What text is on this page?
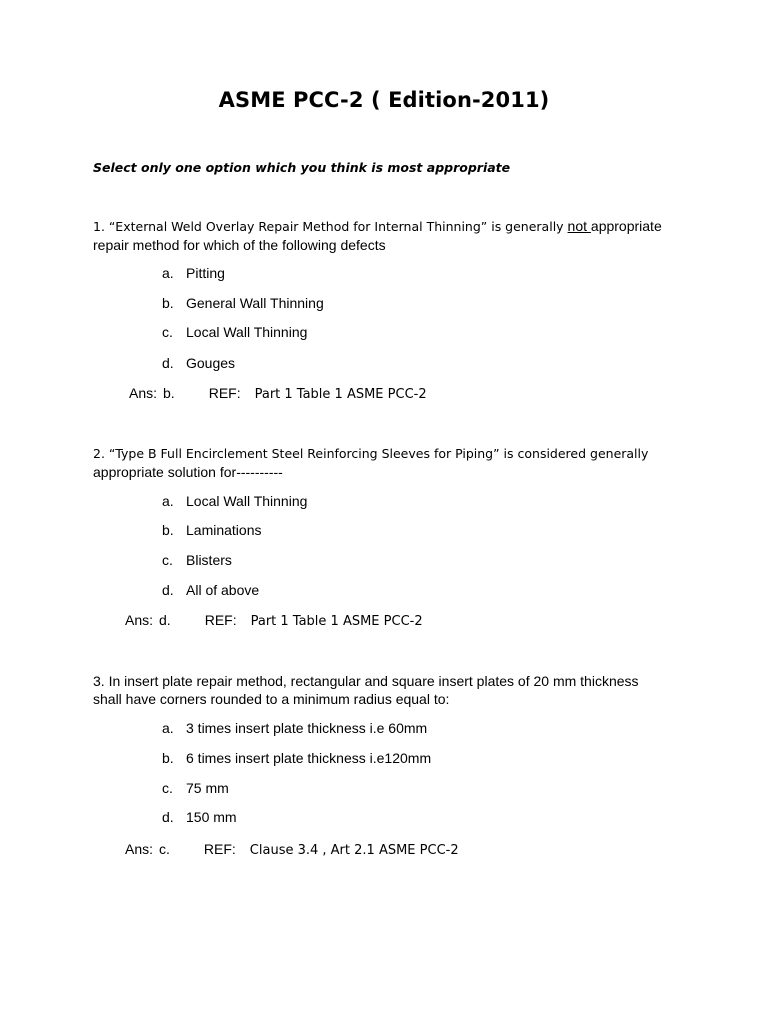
ASME PCC-2 ( Edition-2011)
Select only one option which you think is most appropriate
1. “External Weld Overlay Repair Method for Internal Thinning” is generally not appropriate
repair method for which of the following defects
a. Pitting
b. General Wall Thinning
c. Local Wall Thinning
d. Gouges
Ans: b. REF: Part 1 Table 1 ASME PCC-2
2. “Type B Full Encirclement Steel Reinforcing Sleeves for Piping” is considered generally
appropriate solution for----------
a. Local Wall Thinning
b. Laminations
c. Blisters
d. All of above
Ans: d. REF: Part 1 Table 1 ASME PCC-2
3. In insert plate repair method, rectangular and square insert plates of 20 mm thickness
shall have corners rounded to a minimum radius equal to:
a. 3 times insert plate thickness i.e 60mm
b. 6 times insert plate thickness i.e120mm
c. 75 mm
d. 150 mm
Ans: c. REF: Clause 3.4 , Art 2.1 ASME PCC-2
